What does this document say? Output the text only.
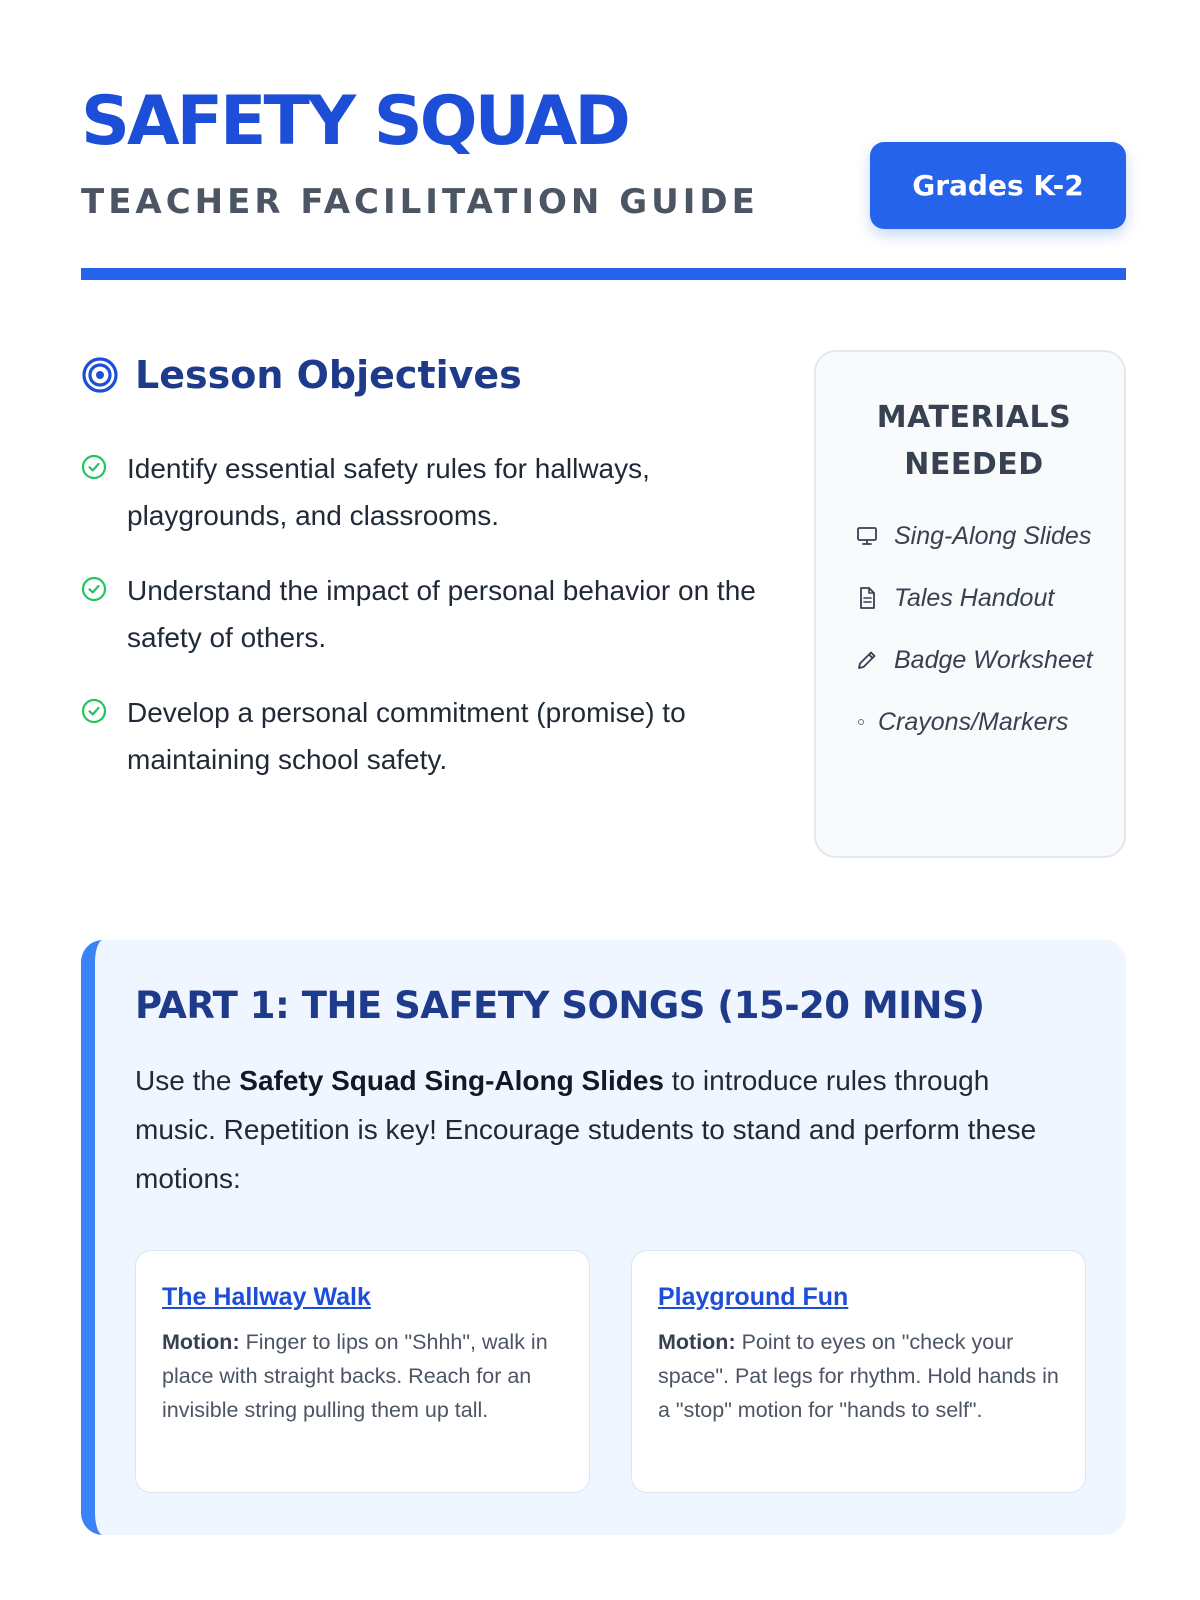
SAFETY SQUAD
TEACHER FACILITATION GUIDE	Grades K-2
Lesson Objectives
Identify essential safety rules for hallways, playgrounds, and classrooms.
Understand the impact of personal behavior on the safety of others.
Develop a personal commitment (promise) to maintaining school safety.
MATERIALS NEEDED
Sing-Along Slides
Tales Handout
Badge Worksheet
Crayons/Markers
PART 1: THE SAFETY SONGS (15-20 MINS)

Use the Safety Squad Sing-Along Slides to introduce rules through music. Repetition is key! Encourage students to stand and perform these motions:

The Hallway Walk

Motion: Finger to lips on "Shhh", walk in place with straight backs. Reach for an invisible string pulling them up tall.

Playground Fun

Motion: Point to eyes on "check your space". Pat legs for rhythm. Hold hands in a "stop" motion for "hands to self".
